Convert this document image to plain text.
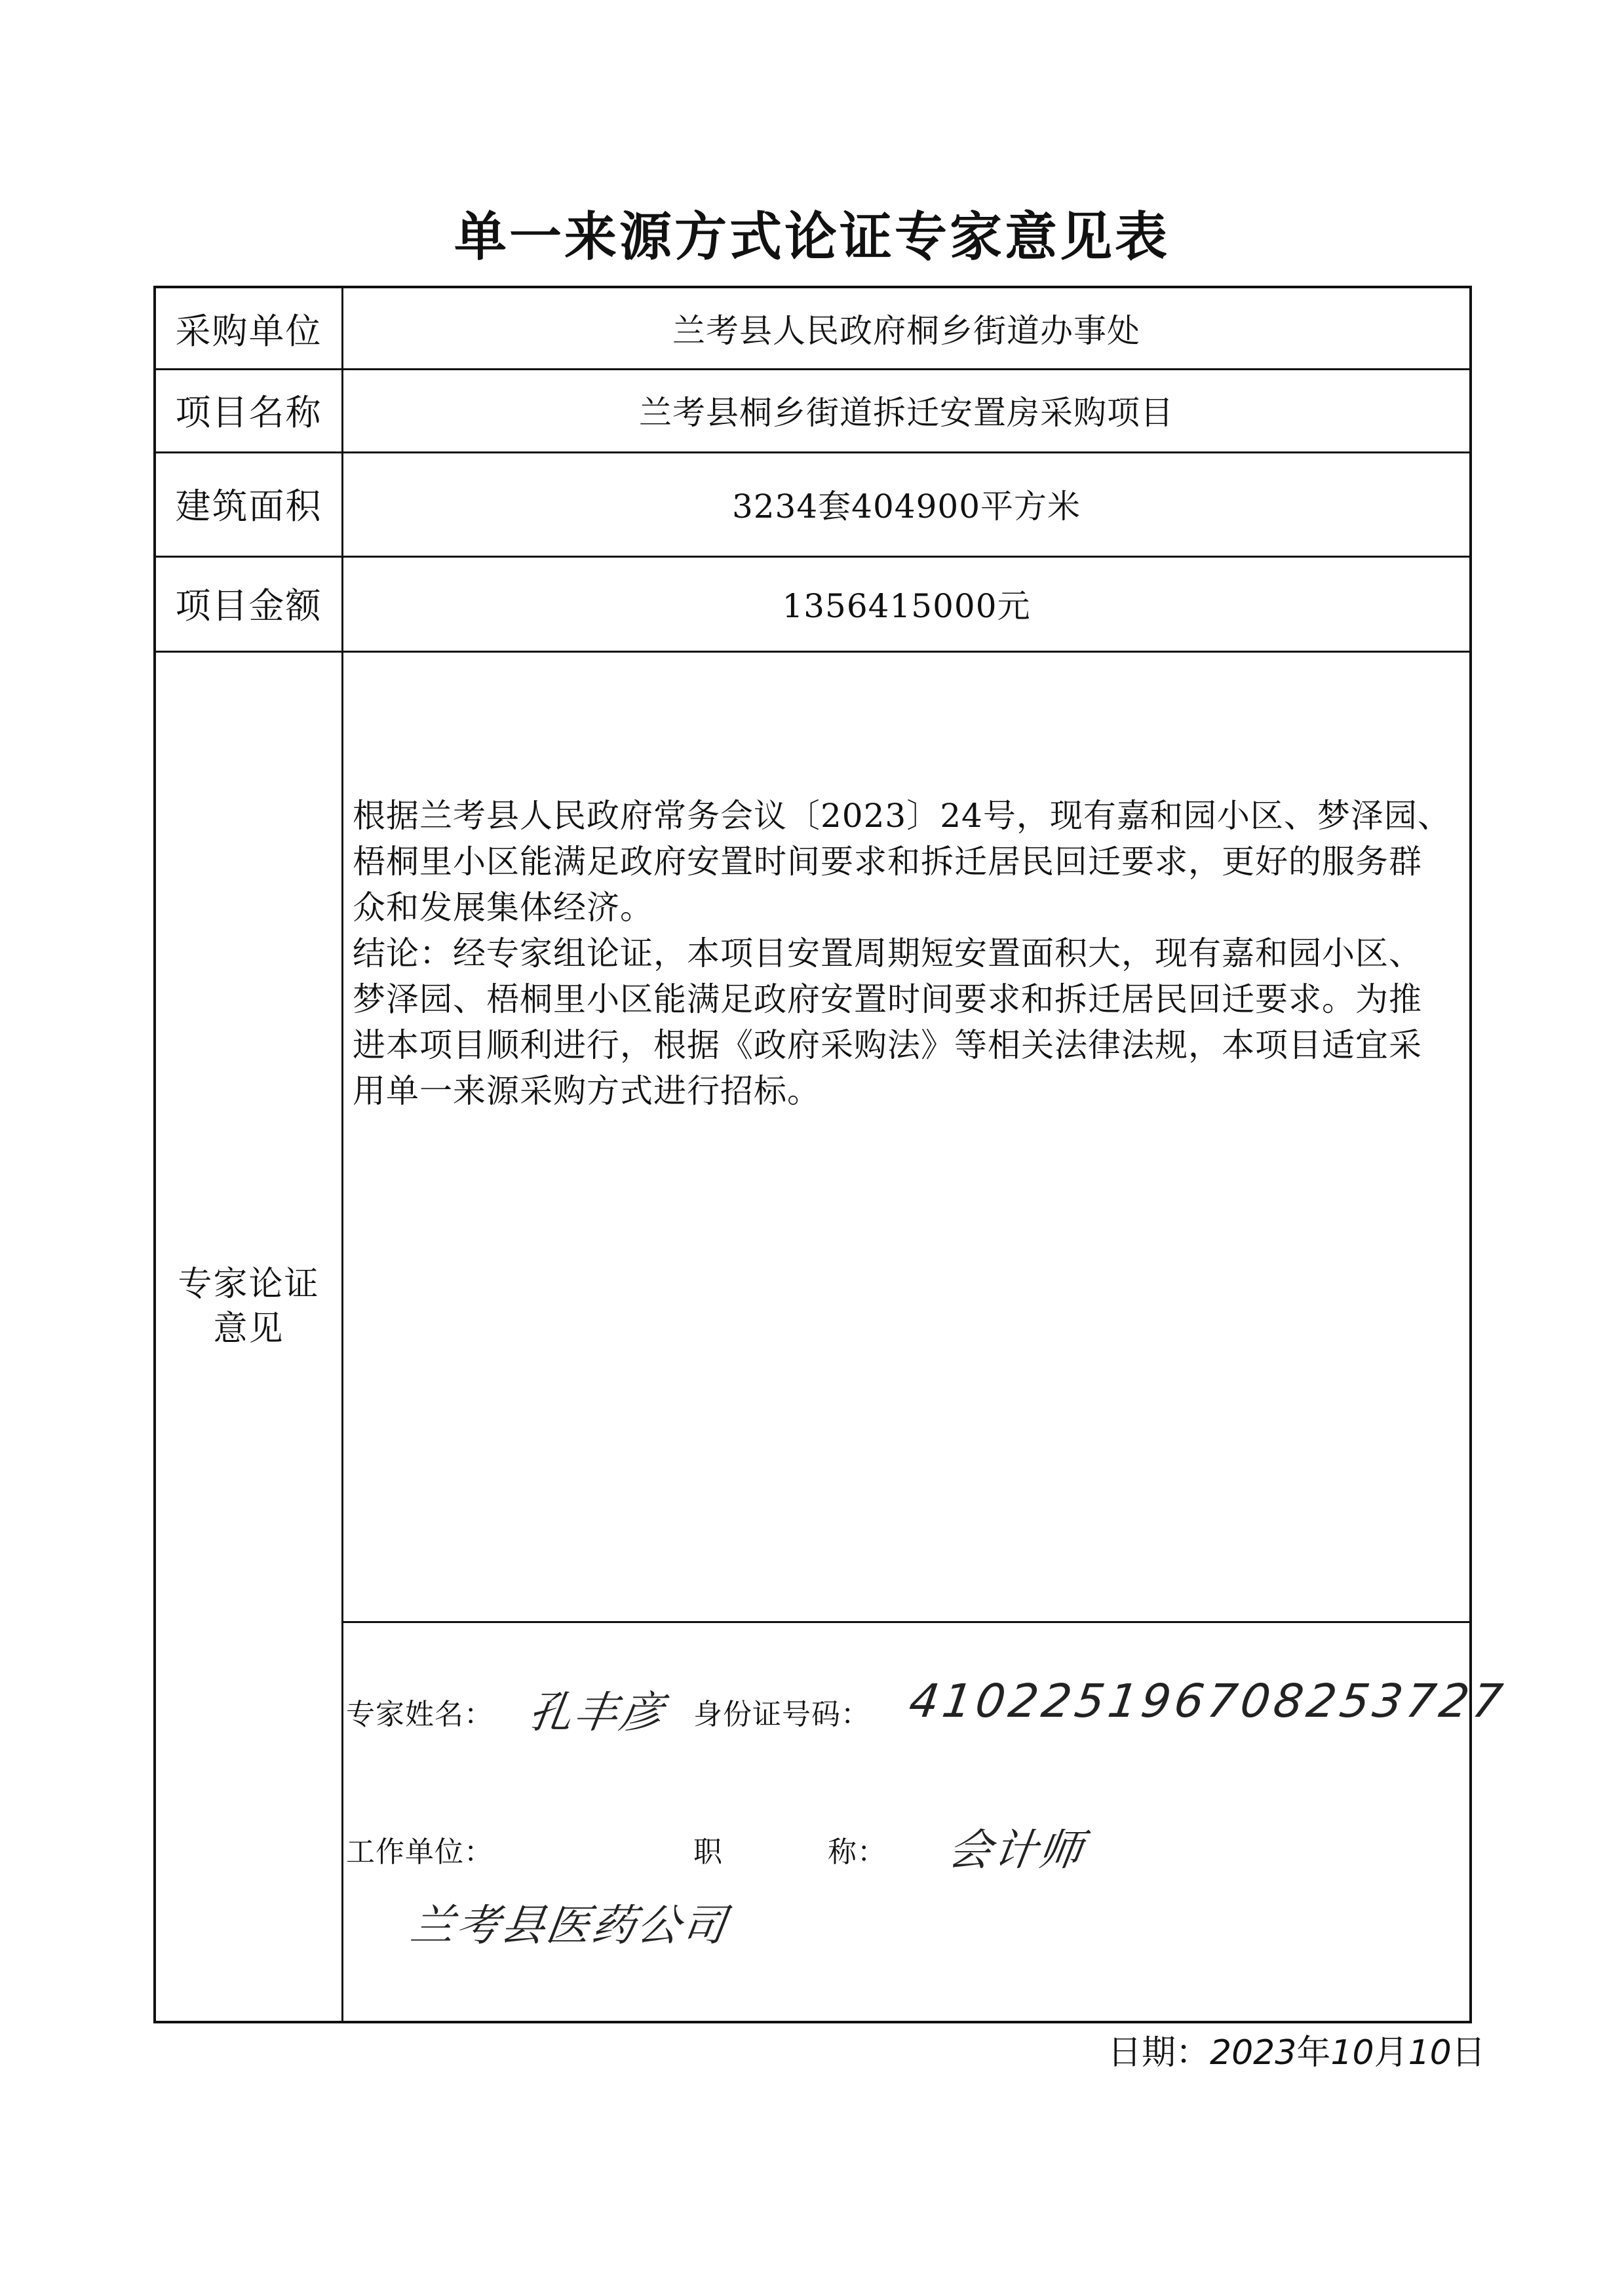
单一来源方式论证专家意见表
采购单位	兰考县人民政府桐乡街道办事处
项目名称	兰考县桐乡街道拆迁安置房采购项目
建筑面积	3234套404900平方米
项目金额	1356415000元
专家论证意见

根据兰考县人民政府常务会议〔2023〕24号，现有嘉和园小区、梦泽园、梧桐里小区能满足政府安置时间要求和拆迁居民回迁要求，更好的服务群众和发展集体经济。

结论：经专家组论证，本项目安置周期短安置面积大，现有嘉和园小区、梦泽园、梧桐里小区能满足政府安置时间要求和拆迁居民回迁要求。为推进本项目顺利进行，根据《政府采购法》等相关法律法规，本项目适宜采用单一来源采购方式进行招标。

专家姓名： 孔丰彦 身份证号码： 410225196708253727
工作单位：	职	称： 会计师
兰考县医药公司
日期：2023年10月10日
